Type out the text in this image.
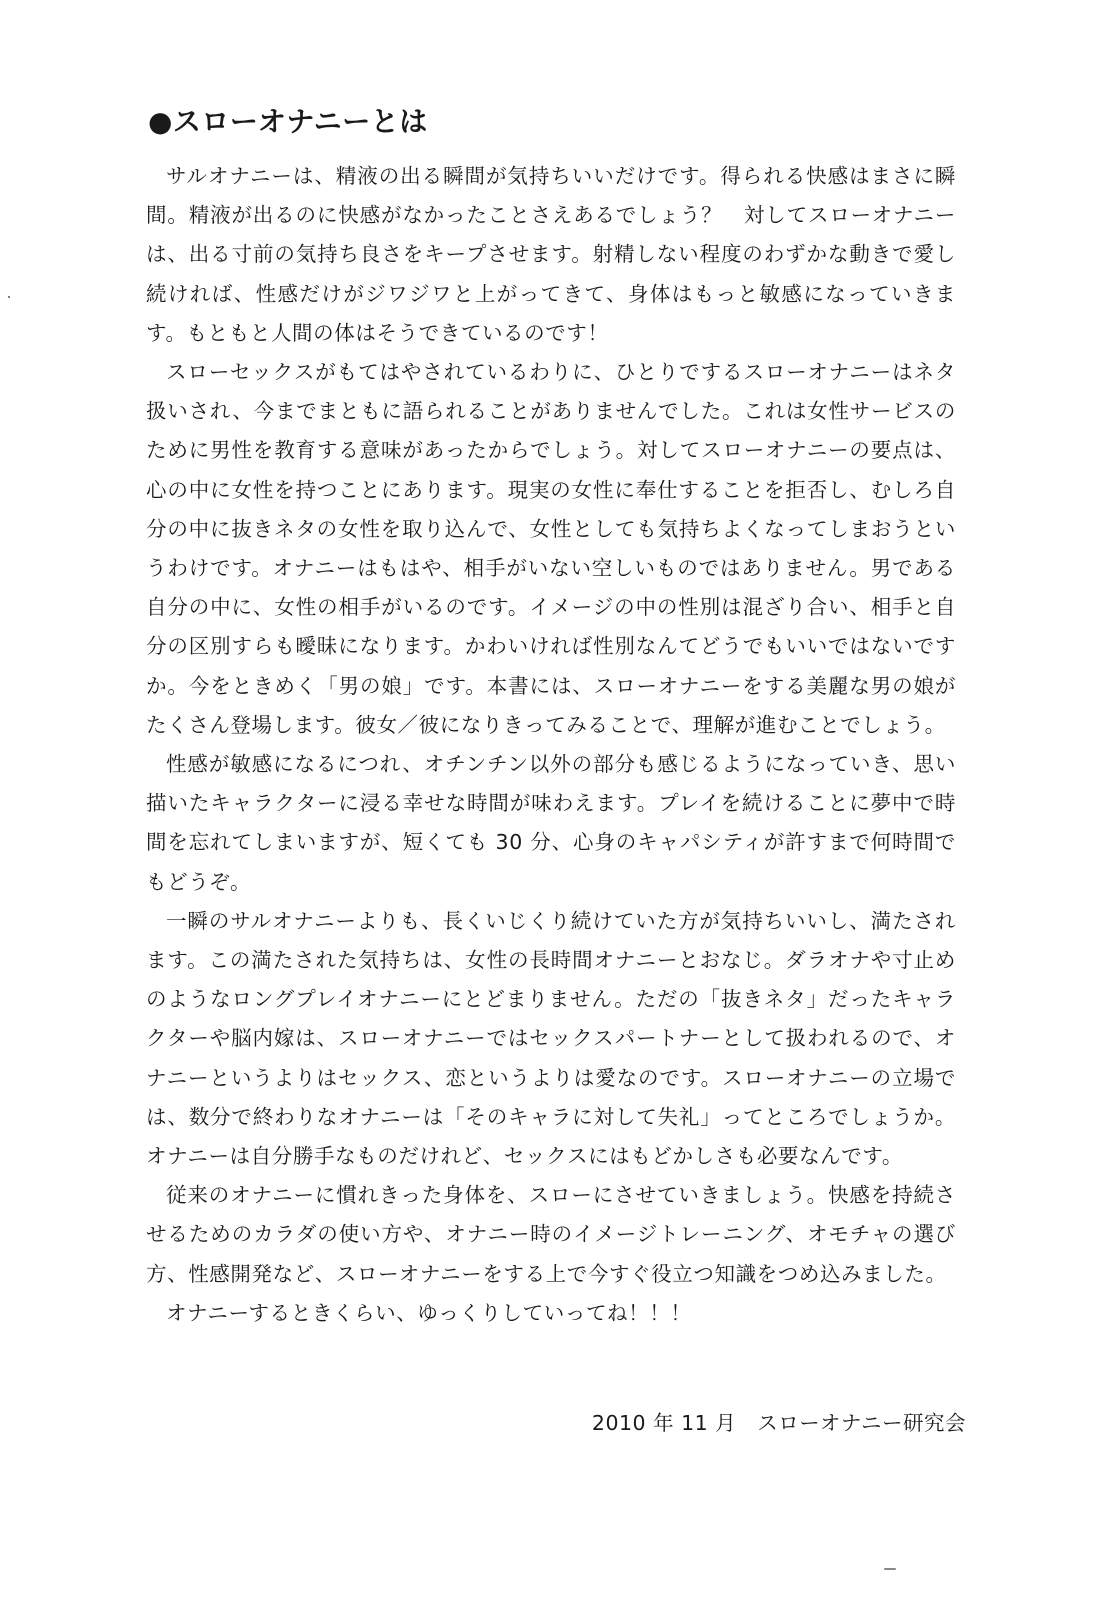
●スローオナニーとは

サルオナニーは、精液の出る瞬間が気持ちいいだけです。得られる快感はまさに瞬間。精液が出るのに快感がなかったことさえあるでしょう？　対してスローオナニーは、出る寸前の気持ち良さをキープさせます。射精しない程度のわずかな動きで愛し続ければ、性感だけがジワジワと上がってきて、身体はもっと敏感になっていきます。もともと人間の体はそうできているのです！

スローセックスがもてはやされているわりに、ひとりでするスローオナニーはネタ扱いされ、今までまともに語られることがありませんでした。これは女性サービスのために男性を教育する意味があったからでしょう。対してスローオナニーの要点は、心の中に女性を持つことにあります。現実の女性に奉仕することを拒否し、むしろ自分の中に抜きネタの女性を取り込んで、女性としても気持ちよくなってしまおうというわけです。オナニーはもはや、相手がいない空しいものではありません。男である自分の中に、女性の相手がいるのです。イメージの中の性別は混ざり合い、相手と自分の区別すらも曖昧になります。かわいければ性別なんてどうでもいいではないですか。今をときめく「男の娘」です。本書には、スローオナニーをする美麗な男の娘がたくさん登場します。彼女／彼になりきってみることで、理解が進むことでしょう。

性感が敏感になるにつれ、オチンチン以外の部分も感じるようになっていき、思い描いたキャラクターに浸る幸せな時間が味わえます。プレイを続けることに夢中で時間を忘れてしまいますが、短くても 30 分、心身のキャパシティが許すまで何時間でもどうぞ。

一瞬のサルオナニーよりも、長くいじくり続けていた方が気持ちいいし、満たされます。この満たされた気持ちは、女性の長時間オナニーとおなじ。ダラオナや寸止めのようなロングプレイオナニーにとどまりません。ただの「抜きネタ」だったキャラクターや脳内嫁は、スローオナニーではセックスパートナーとして扱われるので、オナニーというよりはセックス、恋というよりは愛なのです。スローオナニーの立場では、数分で終わりなオナニーは「そのキャラに対して失礼」ってところでしょうか。オナニーは自分勝手なものだけれど、セックスにはもどかしさも必要なんです。

従来のオナニーに慣れきった身体を、スローにさせていきましょう。快感を持続させるためのカラダの使い方や、オナニー時のイメージトレーニング、オモチャの選び方、性感開発など、スローオナニーをする上で今すぐ役立つ知識をつめ込みました。

オナニーするときくらい、ゆっくりしていってね！！！

2010 年 11 月　スローオナニー研究会
